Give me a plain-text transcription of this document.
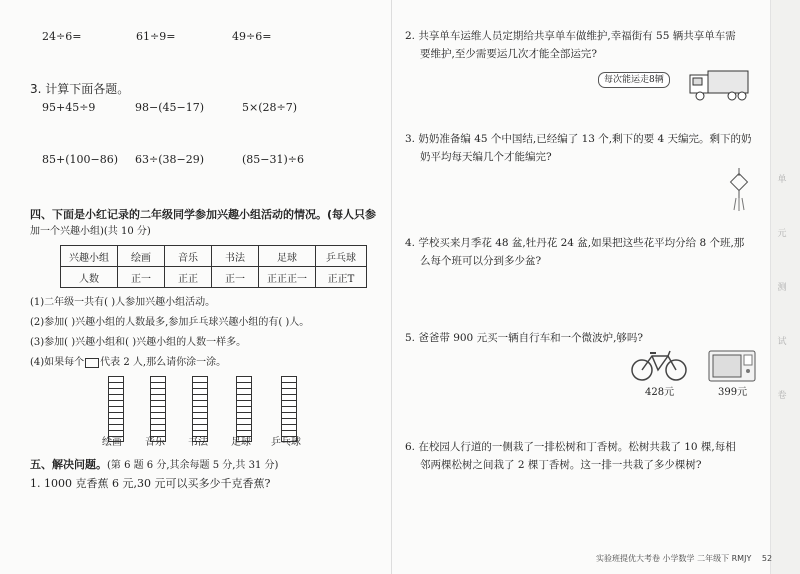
单
元
测
试
卷
24÷6=	61÷9=	49÷6=
3. 计算下面各题。
95+45÷9	98−(45−17)	5×(28÷7)
85+(100−86) 63÷(38−29)	(85−31)÷6
四、下面是小红记录的二年级同学参加兴趣小组活动的情况。(每人只参
加一个兴趣小组)(共 10 分)
兴趣小组	绘画	音乐	书法	足球	乒乓球
人数	正一	正正	正一	正正正一	正正T
(1)二年级一共有( )人参加兴趣小组活动。
(2)参加( )兴趣小组的人数最多,参加乒乓球兴趣小组的有( )人。
(3)参加( )兴趣小组和( )兴趣小组的人数一样多。
(4)如果每个 代表 2 人,那么请你涂一涂。
绘画 音乐 书法 足球 乒乓球
五、解决问题。(第 6 题 6 分,其余每题 5 分,共 31 分)
1. 1000 克香蕉 6 元,30 元可以买多少千克香蕉?
2. 共享单车运维人员定期给共享单车做维护,幸福街有 55 辆共享单车需
要维护,至少需要运几次才能全部运完?
每次能运走8辆
3. 奶奶准备编 45 个中国结,已经编了 13 个,剩下的要 4 天编完。剩下的奶
奶平均每天编几个才能编完?
4. 学校买来月季花 48 盆,牡丹花 24 盆,如果把这些花平均分给 8 个班,那
么每个班可以分到多少盆?
5. 爸爸带 900 元买一辆自行车和一个微波炉,够吗?
428元	399元
6. 在校园人行道的一侧栽了一排松树和丁香树。松树共栽了 10 棵,每相
邻两棵松树之间栽了 2 棵丁香树。这一排一共栽了多少棵树?
实验班提优大考卷 小学数学 二年级下 RMJY 52
